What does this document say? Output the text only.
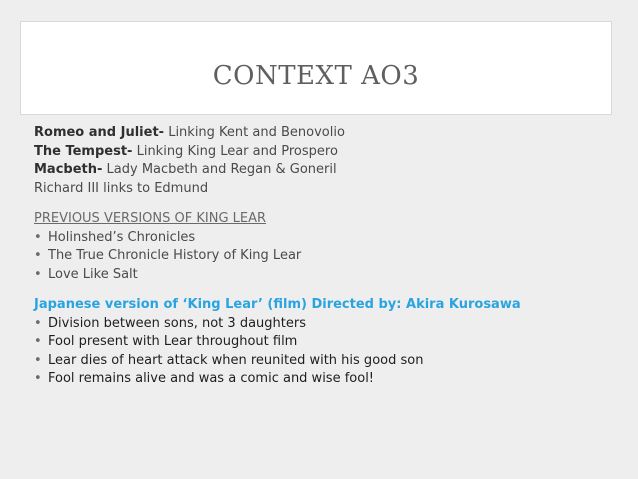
CONTEXT AO3
Romeo and Juliet- Linking Kent and Benovolio
The Tempest- Linking King Lear and Prospero
Macbeth- Lady Macbeth and Regan & Goneril
Richard III links to Edmund
PREVIOUS VERSIONS OF KING LEAR
• Holinshed’s Chronicles
• The True Chronicle History of King Lear
• Love Like Salt
Japanese version of ‘King Lear’ (film) Directed by: Akira Kurosawa
• Division between sons, not 3 daughters
• Fool present with Lear throughout film
• Lear dies of heart attack when reunited with his good son
• Fool remains alive and was a comic and wise fool!
